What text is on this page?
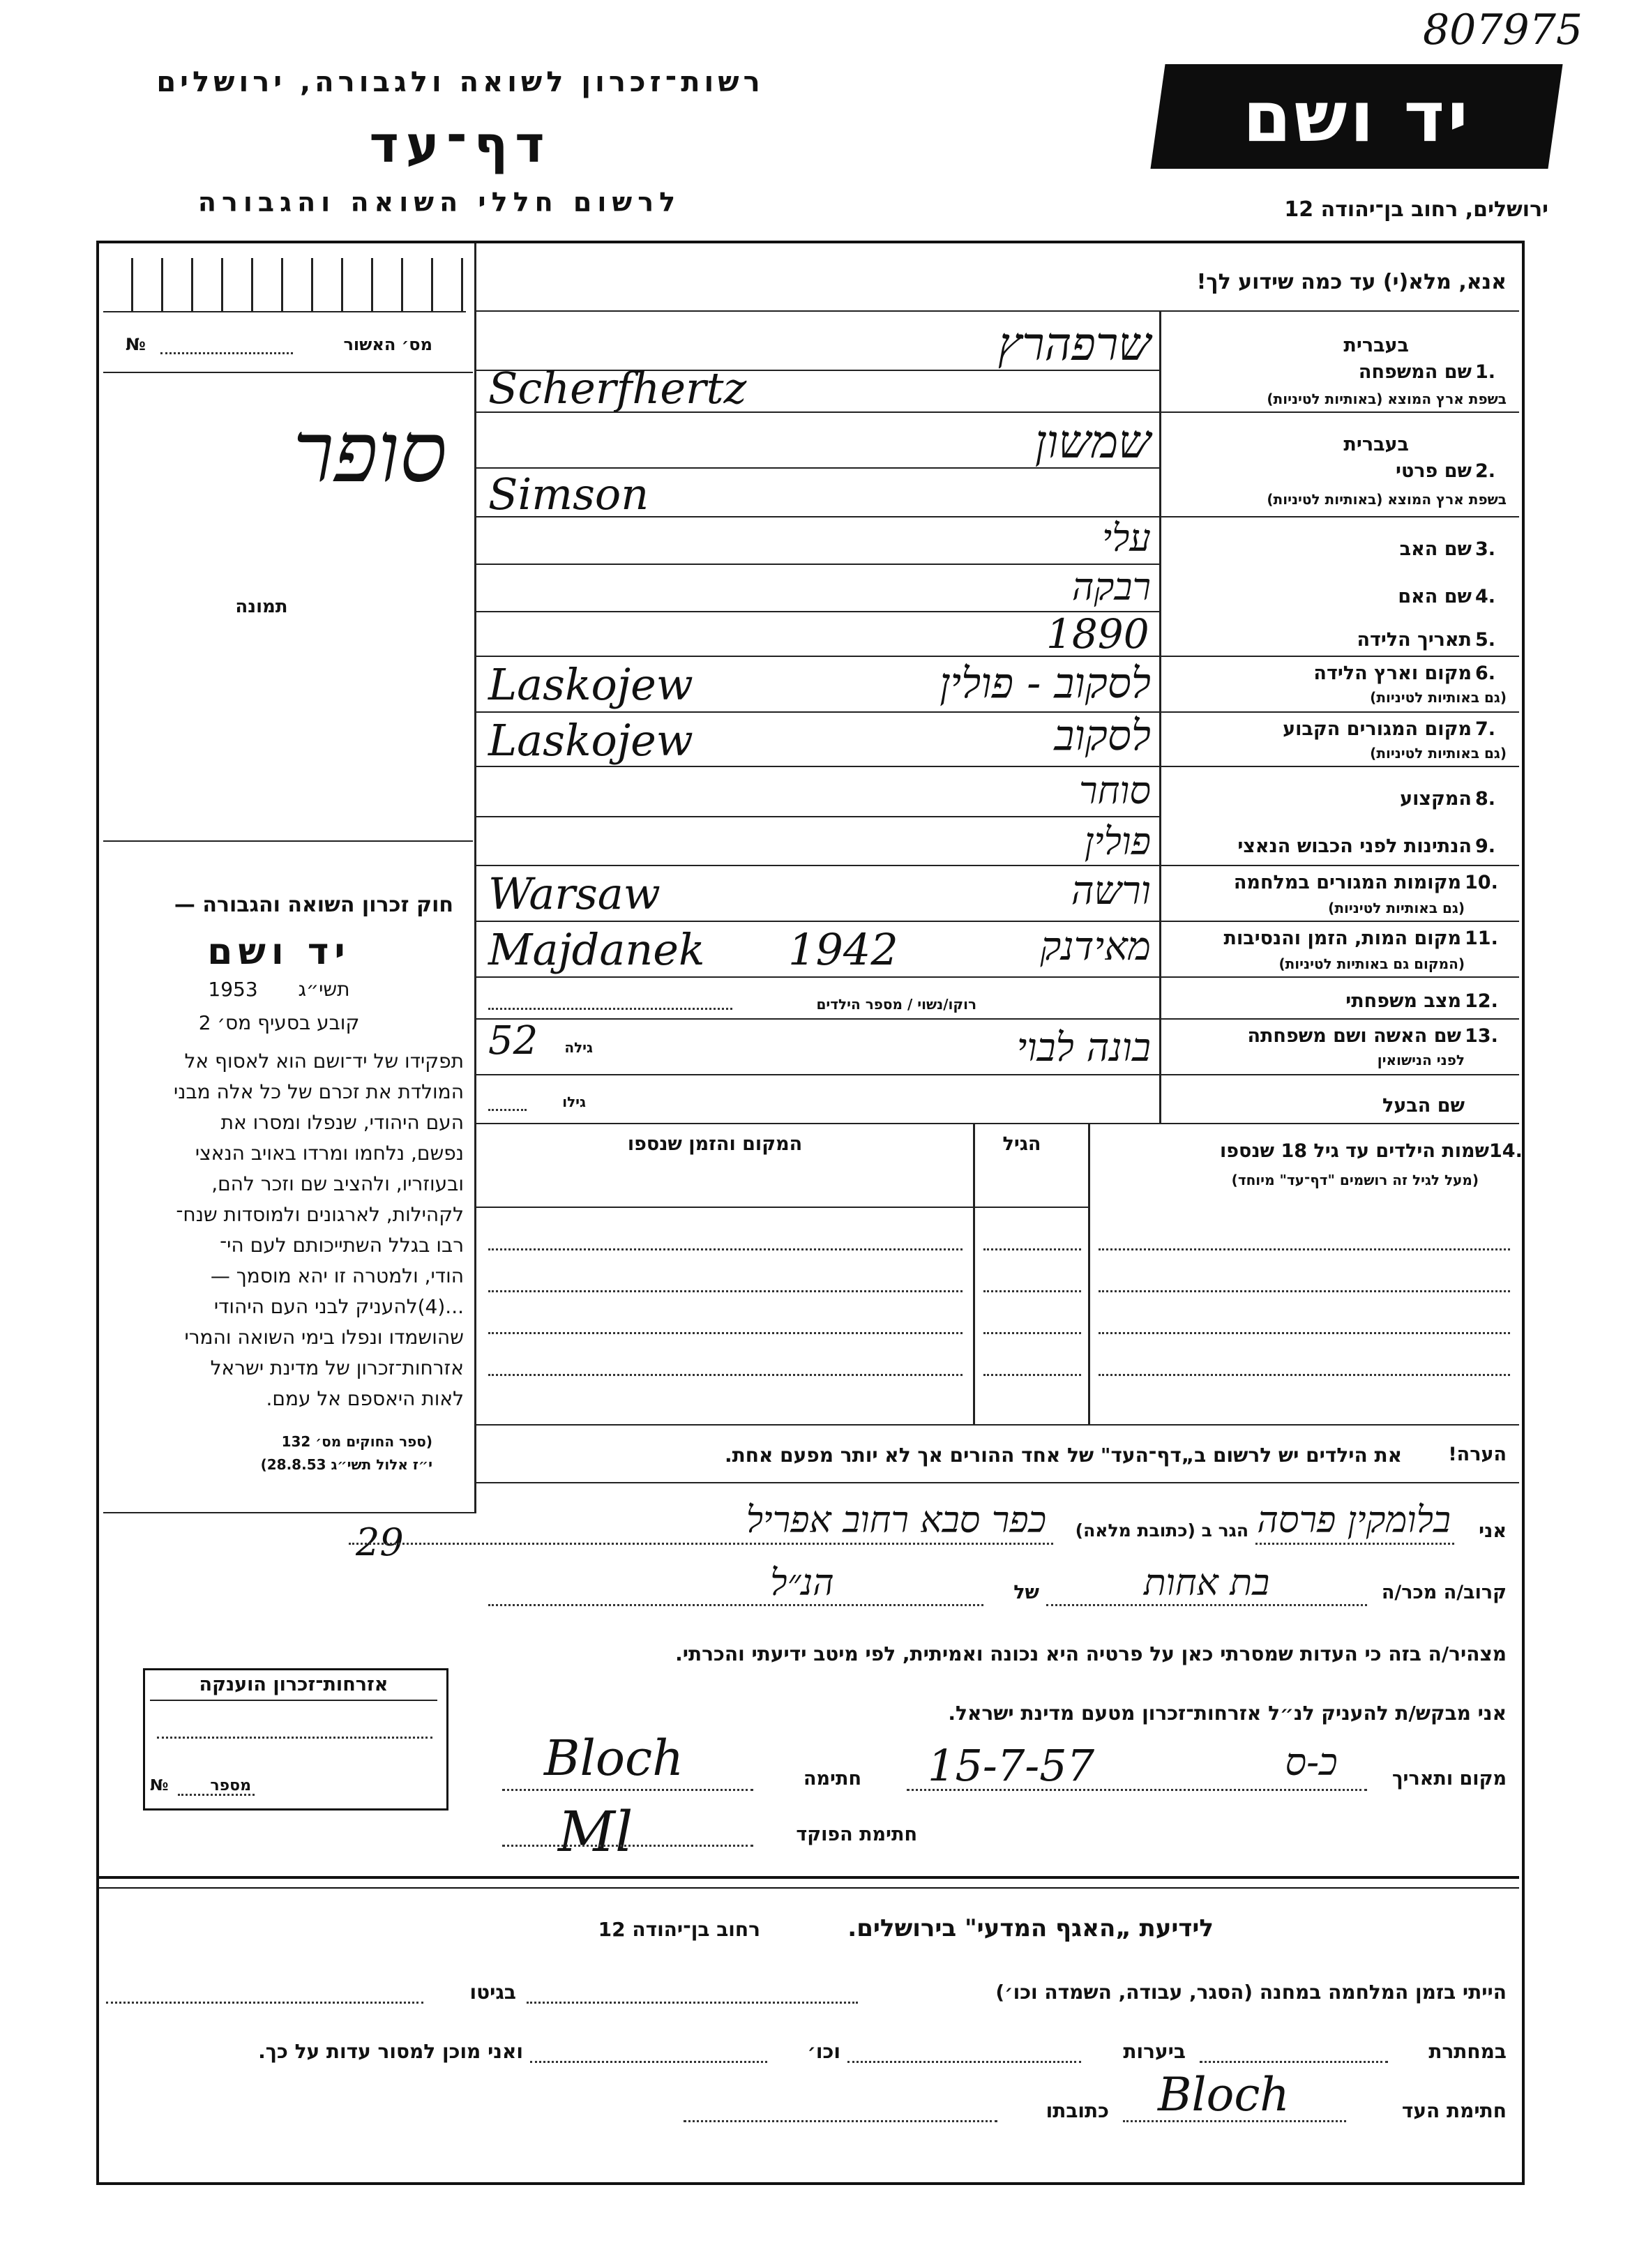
807975
רשות־זכרון לשואה ולגבורה, ירושלים
דף־עד
לרשום חללי השואה והגבורה
יד ושם
ירושלים, רחוב בן־יהודה 12
מס׳ האשור
№
סופר
תמונה
חוק זכרון השואה והגבורה —
יד ושם
תשי״ג  1953
קובע בסעיף מס׳ 2
תפקידו של יד־ושם הוא לאסוף אל
המולדת את זכרם של כל אלה מבני
העם היהודי, שנפלו ומסרו את
נפשם, נלחמו ומרדו באויב הנאצי
ובעוזריו, ולהציב שם וזכר להם,
לקהילות, לארגונים ולמוסדות שנח־
רבו בגלל השתייכותם לעם הי־
הודי, ולמטרה זו יהא מוסמך —
...(4)להעניק לבני העם היהודי
שהושמדו ונפלו בימי השואה והמרי
אזרחות־זכרון של מדינת ישראל
לאות היאספם אל עמם.
(ספר החוקים מס׳ 132
י״ז אלול תשי״ג 28.8.53)
אנא, מלא(י) עד כמה שידוע לך!
בעברית
1.
שם המשפחה
בשפת ארץ המוצא (באותיות לטיניות)
שרפהרץ
Scherfhertz
בעברית
2.
שם פרטי
בשפת ארץ המוצא (באותיות לטיניות)
שמשון
Simson
3.
שם האב
עלי
4.
שם האם
רבקה
5.
תאריך הלידה
1890
6.
מקום וארץ הלידה
(גם באותיות לטיניות)
לסקוב - פולין
Laskojew
7.
מקום המגורים הקבוע
(גם באותיות לטיניות)
לסקוב
Laskojew
8.
המקצוע
סוחר
9.
הנתינות לפני הכבוש הנאצי
פולין
10.
מקומות המגורים במלחמה
(גם באותיות לטיניות)
ורשה
Warsaw
11.
מקום המות, הזמן והנסיבות
(המקום גם באותיות לטיניות)
מאידנק
1942
Majdanek
12.
מצב משפחתי
רוקו/נשוי / מספר הילדים
13.
שם האשה ושם משפחתה
לפני הנישואין
גילה
52	בונה לבוי
שם הבעל
גילו
14.
שמות הילדים עד גיל 18 שנספו
(מעל לגיל זה רושמים "דף־עד" מיוחד)
הגיל
המקום והזמן שנספו
הערה!
את הילדים יש לרשום ב„דף־העד" של אחד ההורים אך לא יותר מפעם אחת.
אני
בלומקין פרסה
הגר ב (כתובת מלאה)
כפר סבא רחוב אפריל
29
קרוב/ה מכר/ה
בת אחות
של
הנ״ל
מצהיר/ה בזה כי העדות שמסרתי כאן על פרטיה היא נכונה ואמיתית, לפי מיטב ידיעתי והכרתי.
אני מבקש/ת להעניק לנ״ל אזרחות־זכרון מטעם מדינת ישראל.
מקום ותאריך
כ-ס
15-7-57
חתימה
Bloch
חתימת הפוקד
Ml
אזרחות־זכרון הוענקה
מספר
№
לידיעת „האגף המדעי" בירושלים.
רחוב בן־יהודה 12
הייתי בזמן המלחמה במחנה (הסגר, עבודה, השמדה וכו׳)
בגיטו
במחתרת
ביערות
וכו׳
ואני מוכן למסור עדות על כך.
חתימת העד
Bloch
כתובתו
